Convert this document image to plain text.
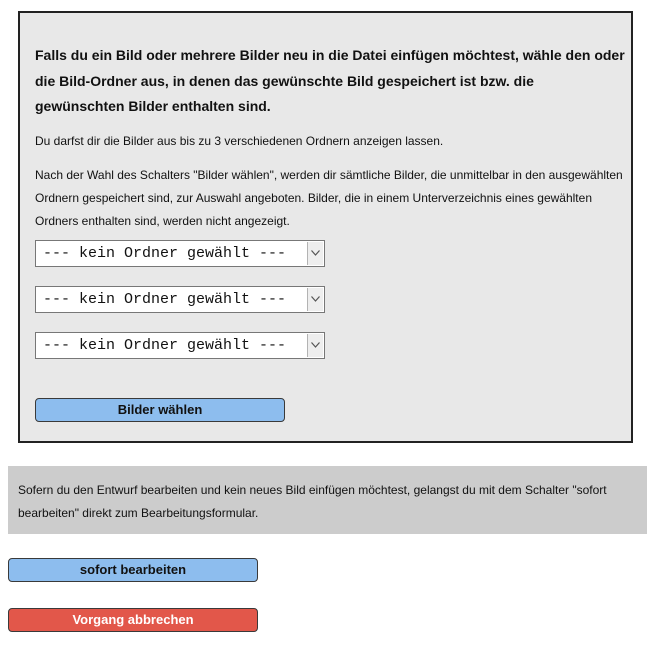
Falls du ein Bild oder mehrere Bilder neu in die Datei einfügen möchtest, wähle den oder die Bild-Ordner aus, in denen das gewünschte Bild gespeichert ist bzw. die gewünschten Bilder enthalten sind.

Du darfst dir die Bilder aus bis zu 3 verschiedenen Ordnern anzeigen lassen.

Nach der Wahl des Schalters "Bilder wählen", werden dir sämtliche Bilder, die unmittelbar in den ausgewählten Ordnern gespeichert sind, zur Auswahl angeboten. Bilder, die in einem Unterverzeichnis eines gewählten Ordners enthalten sind, werden nicht angezeigt.

--- kein Ordner gewählt ---
--- kein Ordner gewählt ---
--- kein Ordner gewählt ---
Bilder wählen

Sofern du den Entwurf bearbeiten und kein neues Bild einfügen möchtest, gelangst du mit dem Schalter "sofort bearbeiten" direkt zum Bearbeitungsformular.

sofort bearbeiten
Vorgang abbrechen
